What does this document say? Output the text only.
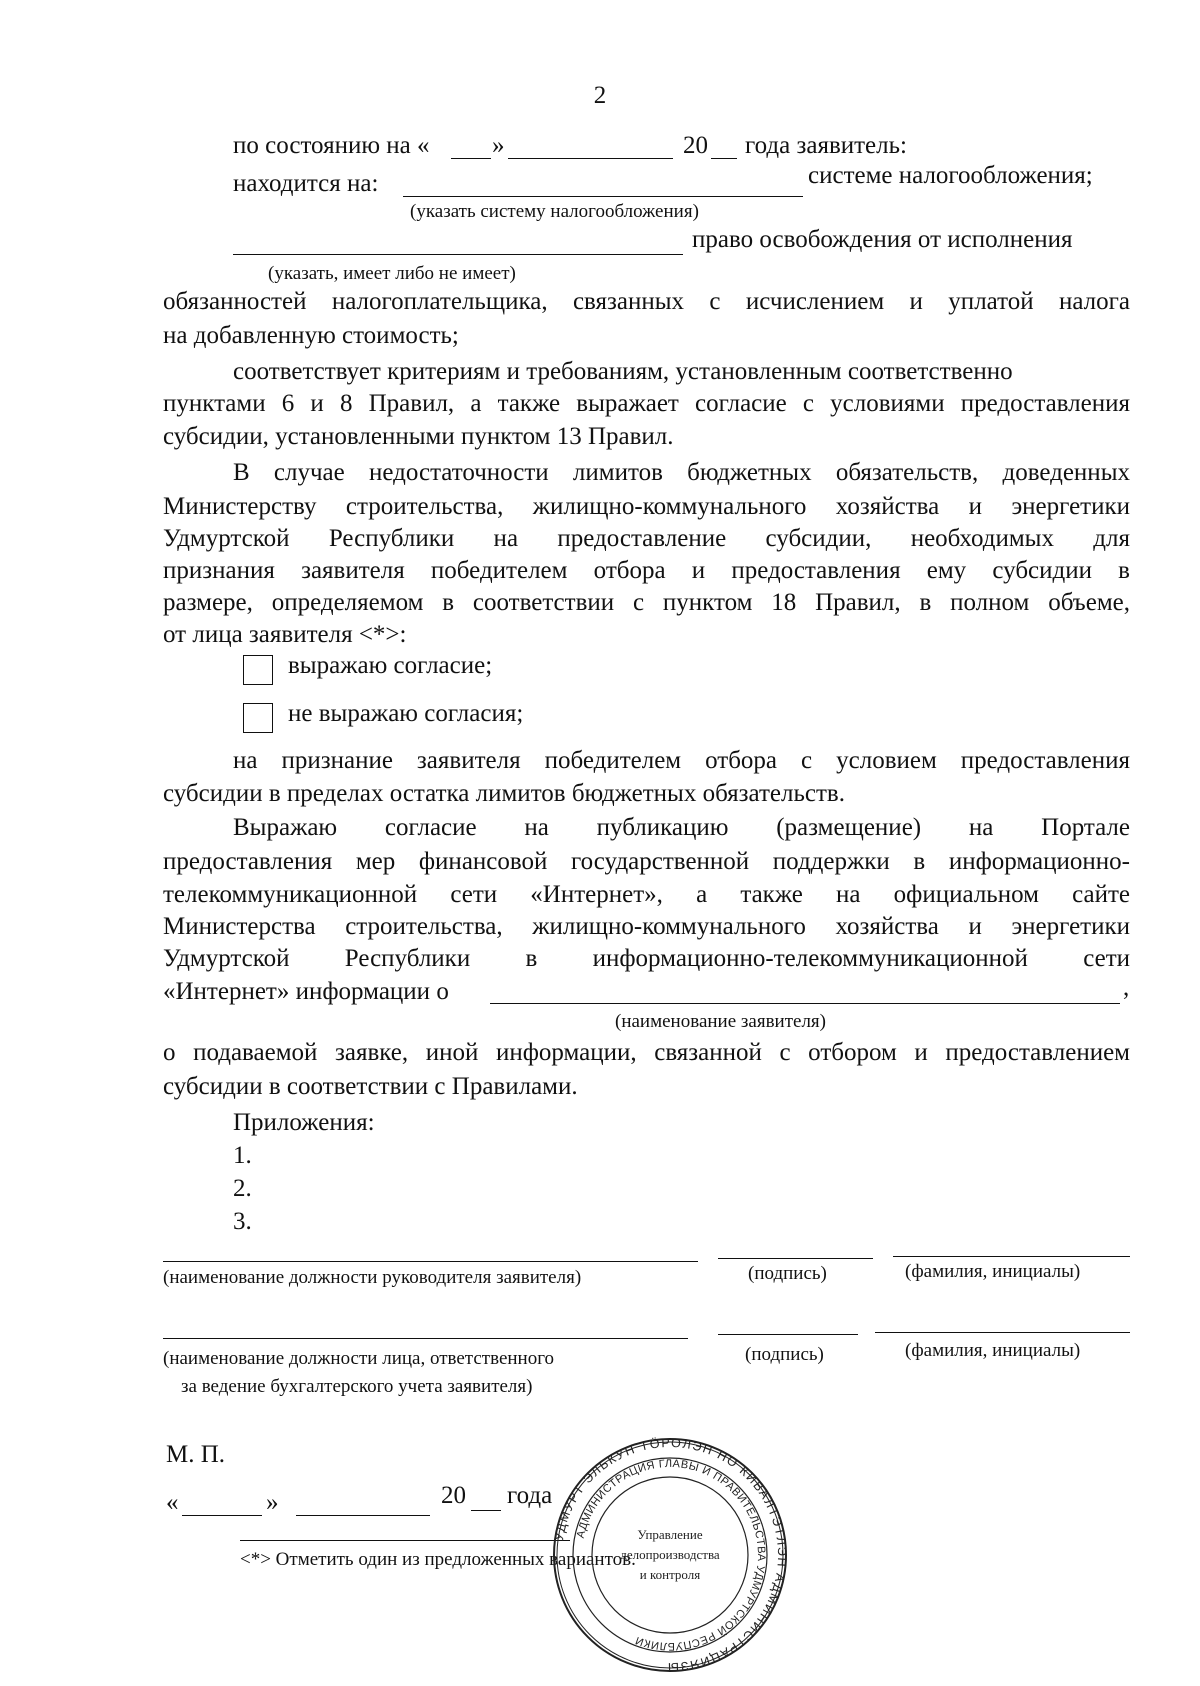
2
по состоянию на «	»	20 года заявитель:
находится на:	системе налогообложения;
(указать систему налогообложения)
право освобождения от исполнения
(указать, имеет либо не имеет)
обязанностей налогоплательщика, связанных с исчислением и уплатой налога
на добавленную стоимость;
соответствует критериям и требованиям, установленным соответственно
пунктами 6 и 8 Правил, а также выражает согласие с условиями предоставления
субсидии, установленными пунктом 13 Правил.
В случае недостаточности лимитов бюджетных обязательств, доведенных
Министерству строительства, жилищно-коммунального хозяйства и энергетики
Удмуртской Республики на предоставление субсидии, необходимых для
признания заявителя победителем отбора и предоставления ему субсидии в
размере, определяемом в соответствии с пунктом 18 Правил, в полном объеме,
от лица заявителя <*>:
выражаю согласие;
не выражаю согласия;
на признание заявителя победителем отбора с условием предоставления
субсидии в пределах остатка лимитов бюджетных обязательств.
Выражаю согласие на публикацию (размещение) на Портале
предоставления мер финансовой государственной поддержки в информационно-
телекоммуникационной сети «Интернет», а также на официальном сайте
Министерства строительства, жилищно-коммунального хозяйства и энергетики
Удмуртской Республики в информационно-телекоммуникационной сети
«Интернет» информации о	,
(наименование заявителя)
о подаваемой заявке, иной информации, связанной с отбором и предоставлением
субсидии в соответствии с Правилами.
Приложения:
1.
2.
3.
(наименование должности руководителя заявителя)	(подпись)	(фамилия, инициалы)
(наименование должности лица, ответственного
за ведение бухгалтерского учета заявителя)
(подпись)	(фамилия, инициалы)
М. П.
«	»	20 года
<*> Отметить один из предложенных вариантов.
УДМУРТ ЭЛЬКУН ТӦРОЛЭН НО КИВАЛТЭТЛЭН АДМИНИСТРАЦИЯЗЫ
АДМИНИСТРАЦИЯ ГЛАВЫ И ПРАВИТЕЛЬСТВА УДМУРТСКОЙ РЕСПУБЛИКИ
Управление
делопроизводства
и контроля
